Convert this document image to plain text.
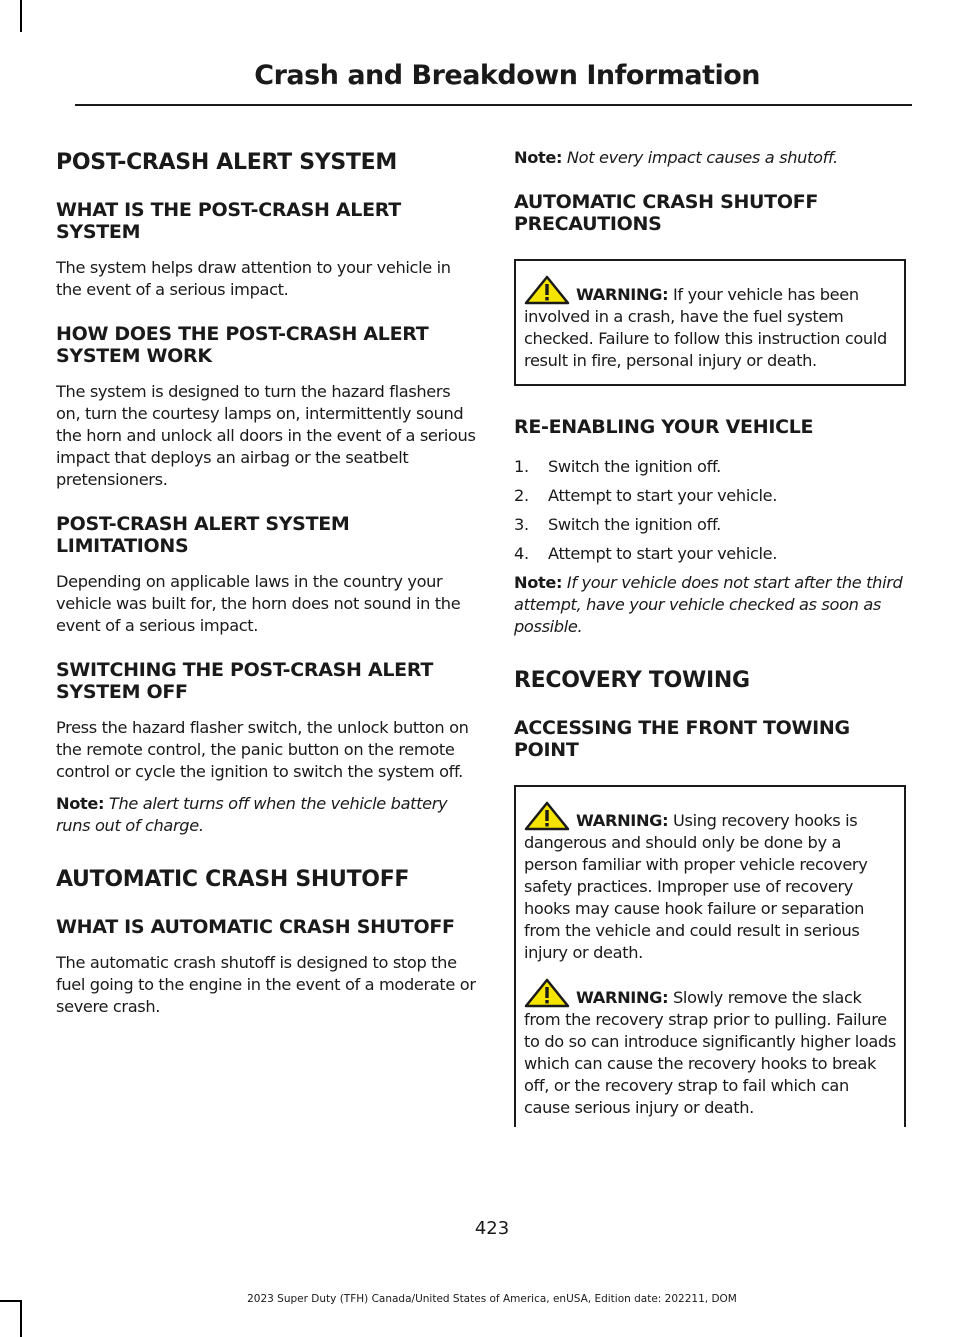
Crash and Breakdown Information
POST-CRASH ALERT SYSTEM
WHAT IS THE POST-CRASH ALERT SYSTEM

The system helps draw attention to your vehicle in the event of a serious impact.

HOW DOES THE POST-CRASH ALERT SYSTEM WORK

The system is designed to turn the hazard flashers on, turn the courtesy lamps on, intermittently sound the horn and unlock all doors in the event of a serious impact that deploys an airbag or the seatbelt pretensioners.

POST-CRASH ALERT SYSTEM LIMITATIONS

Depending on applicable laws in the country your vehicle was built for, the horn does not sound in the event of a serious impact.

SWITCHING THE POST-CRASH ALERT SYSTEM OFF

Press the hazard flasher switch, the unlock button on the remote control, the panic button on the remote control or cycle the ignition to switch the system off.

Note: The alert turns off when the vehicle battery runs out of charge.

AUTOMATIC CRASH SHUTOFF
WHAT IS AUTOMATIC CRASH SHUTOFF

The automatic crash shutoff is designed to stop the fuel going to the engine in the event of a moderate or severe crash.

Note: Not every impact causes a shutoff.

AUTOMATIC CRASH SHUTOFF PRECAUTIONS

WARNING: If your vehicle has been involved in a crash, have the fuel system checked. Failure to follow this instruction could result in fire, personal injury or death.

RE-ENABLING YOUR VEHICLE
1.	Switch the ignition off.
2.	Attempt to start your vehicle.
3.	Switch the ignition off.
4.	Attempt to start your vehicle.

Note: If your vehicle does not start after the third attempt, have your vehicle checked as soon as possible.

RECOVERY TOWING
ACCESSING THE FRONT TOWING POINT

WARNING: Using recovery hooks is dangerous and should only be done by a person familiar with proper vehicle recovery safety practices. Improper use of recovery hooks may cause hook failure or separation from the vehicle and could result in serious injury or death.

WARNING: Slowly remove the slack from the recovery strap prior to pulling. Failure to do so can introduce significantly higher loads which can cause the recovery hooks to break off, or the recovery strap to fail which can cause serious injury or death.

423
2023 Super Duty (TFH) Canada/United States of America, enUSA, Edition date: 202211, DOM
